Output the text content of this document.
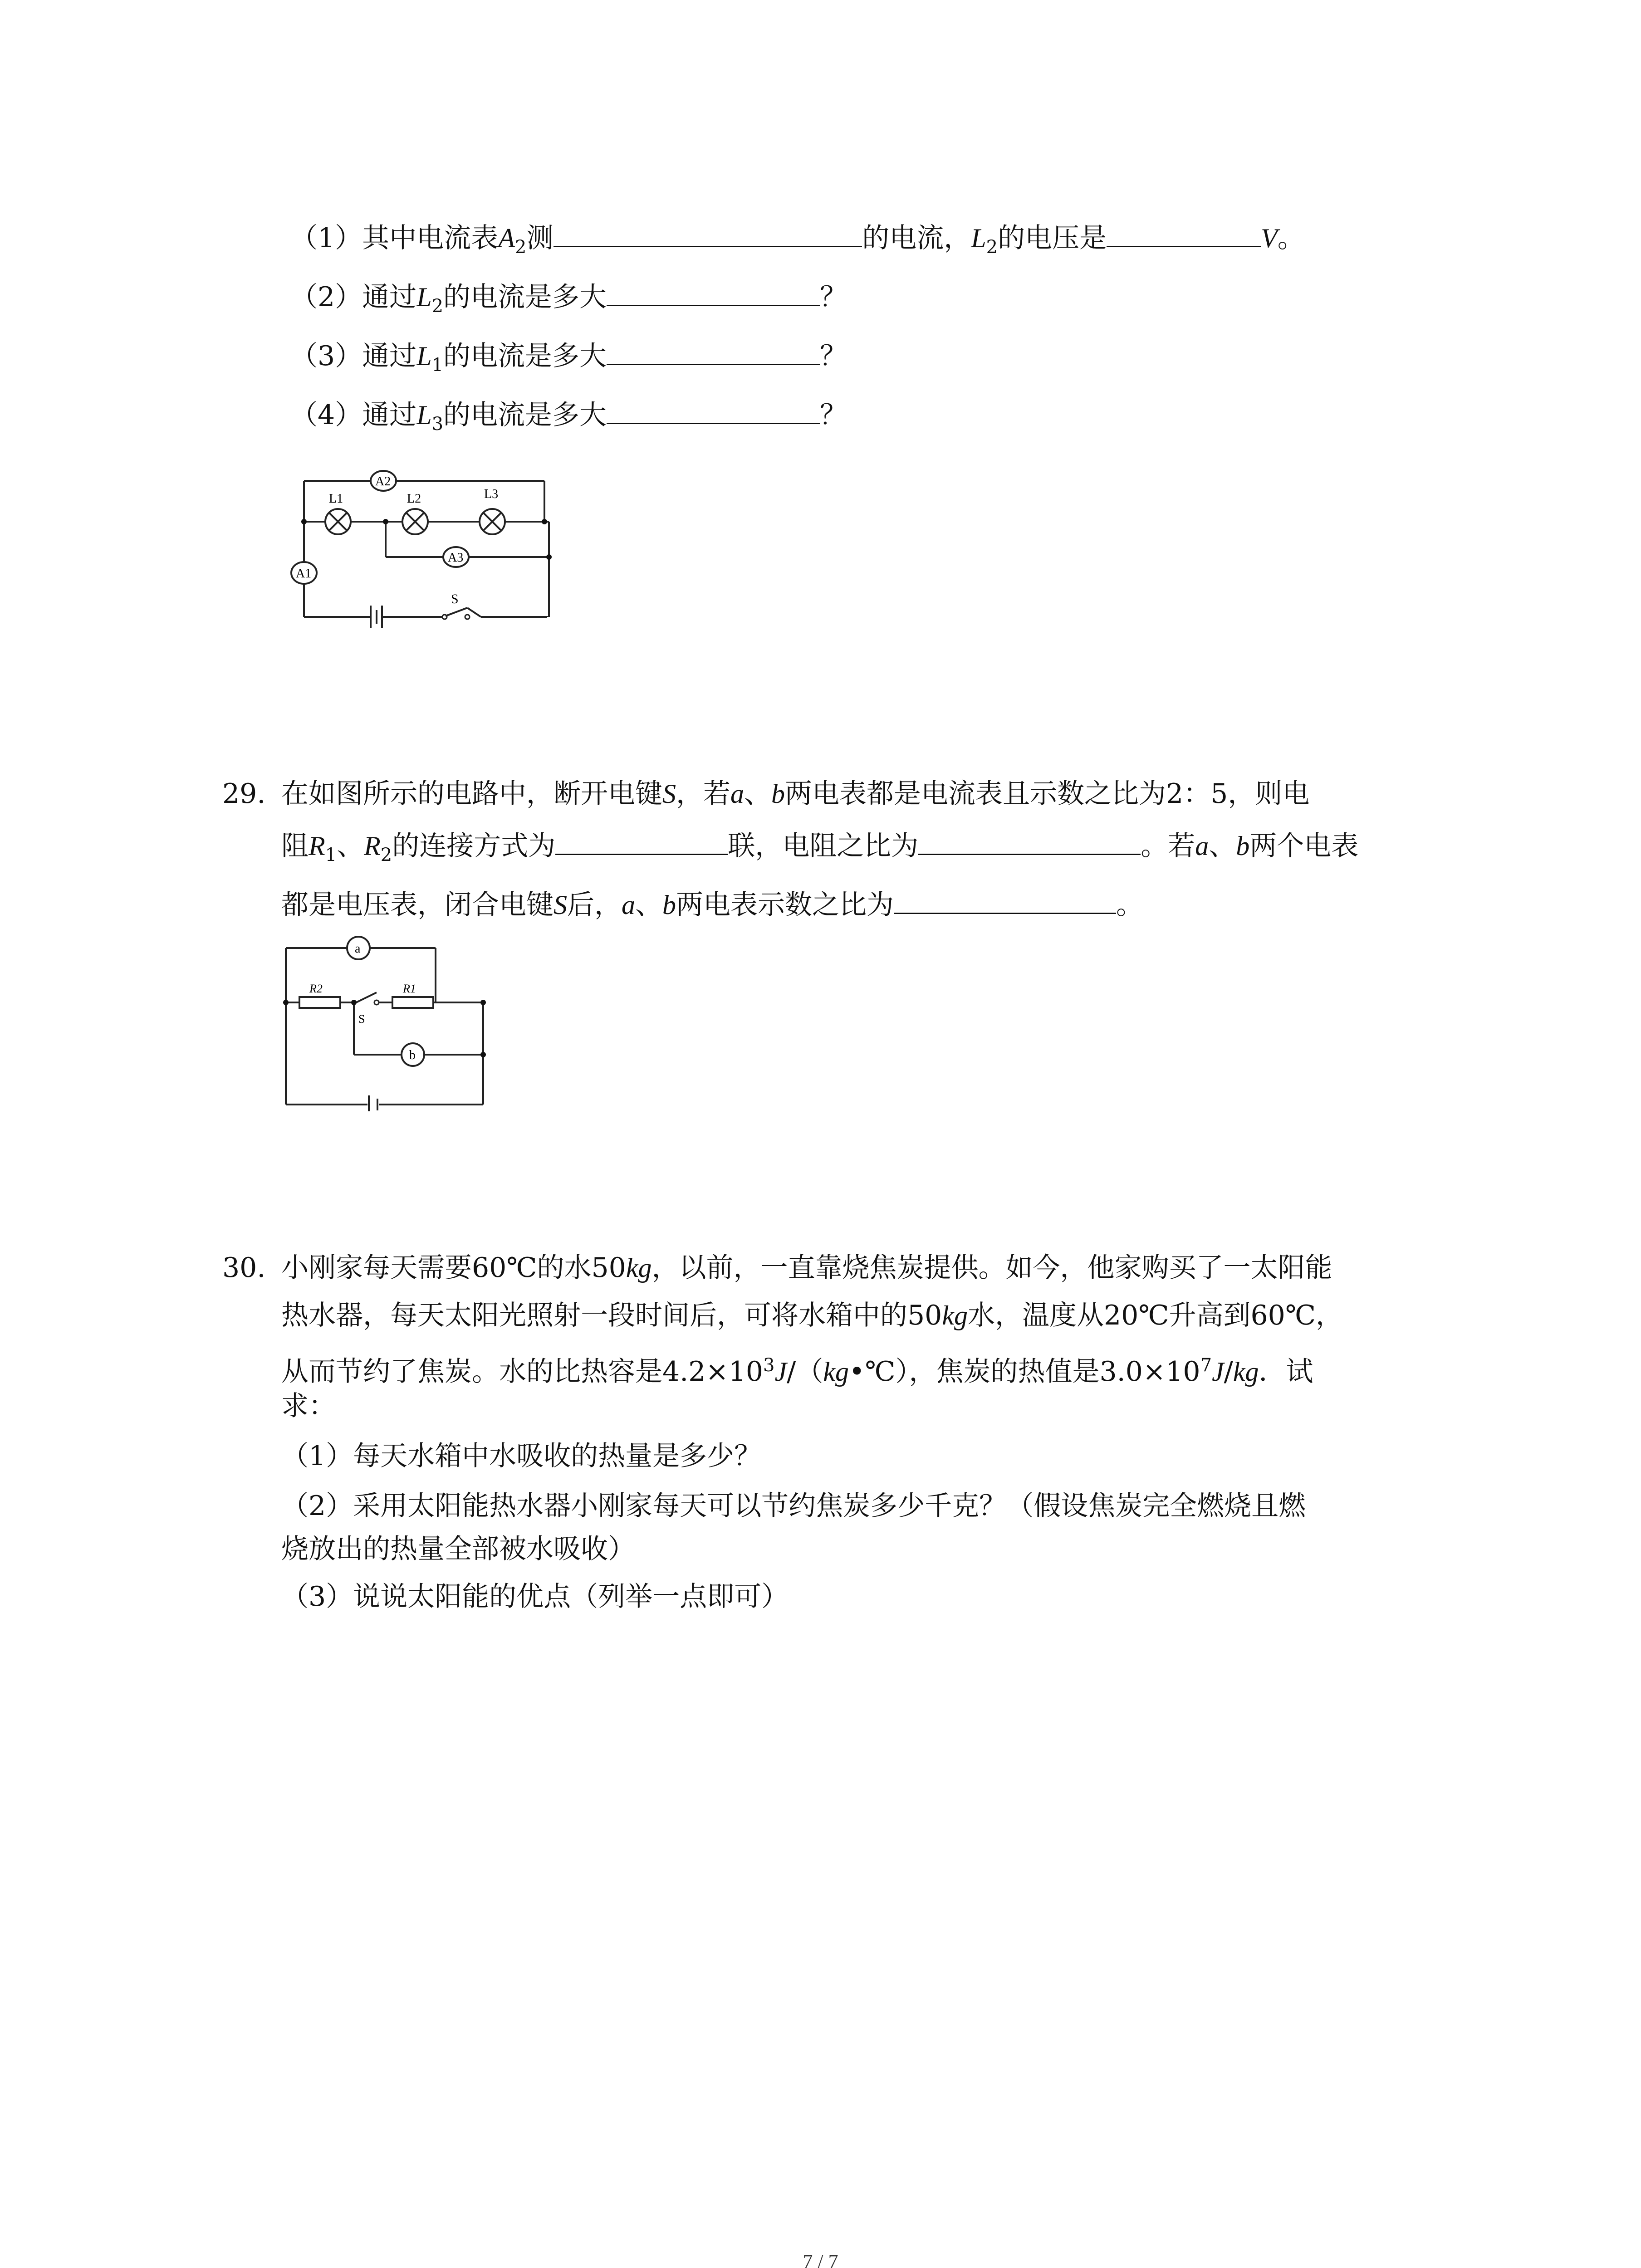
（1）其中电流表$A_2$测	的电流，$L_2$的电压是	V。
（2）通过$L_2$的电流是多大	？
（3）通过$L_1$的电流是多大	？
（4）通过$L_3$的电流是多大	？
S
A2
L1	L2	L3
A3
A1
29. 在如图所示的电路中，断开电键S，若a、b两电表都是电流表且示数之比为2：5，则电
阻$R_1$、$R_2$的连接方式为	联，电阻之比为	。若a、b两个电表
都是电压表，闭合电键S后，a、b两电表示数之比为	。
R2	R1
S
a
b
30. 小刚家每天需要60℃的水50kg，以前，一直靠烧焦炭提供。如今，他家购买了一太阳能
热水器，每天太阳光照射一段时间后，可将水箱中的50kg水，温度从20℃升高到60℃，
从而节约了焦炭。水的比热容是$4.2\times 10^3J/(kg•℃)$，焦炭的热值是$3.0\times 10^7J/kg$．试
求：
（1）每天水箱中水吸收的热量是多少？
（2）采用太阳能热水器小刚家每天可以节约焦炭多少千克？（假设焦炭完全燃烧且燃
烧放出的热量全部被水吸收）
（3）说说太阳能的优点（列举一点即可）
7 / 7
